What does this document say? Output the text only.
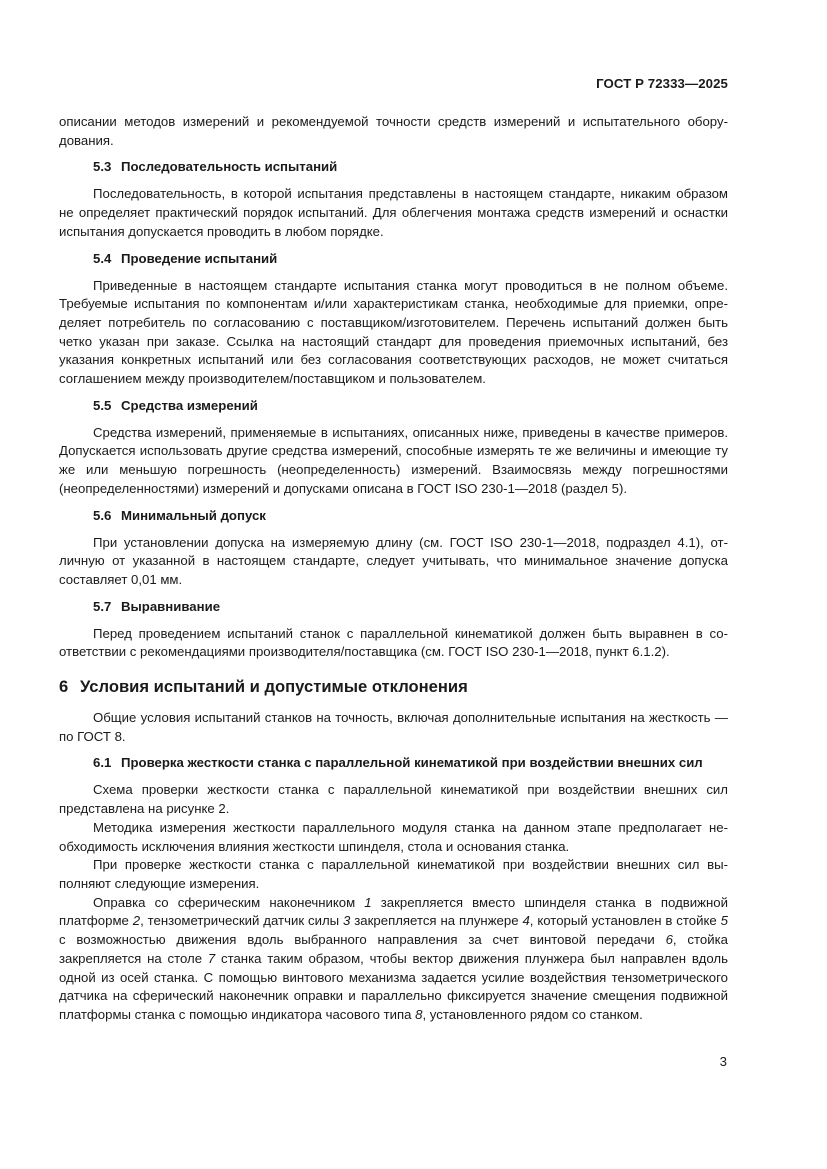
ГОСТ Р 72333—2025

описании методов измерений и рекомендуемой точности средств измерений и испытательного оборудования.

5.3 Последовательность испытаний

Последовательность, в которой испытания представлены в настоящем стандарте, никаким образом не определяет практический порядок испытаний. Для облегчения монтажа средств измерений и оснастки испытания допускается проводить в любом порядке.

5.4 Проведение испытаний

Приведенные в настоящем стандарте испытания станка могут проводиться в не полном объеме. Требуемые испытания по компонентам и/или характеристикам станка, необходимые для приемки, определяет потребитель по согласованию с поставщиком/изготовителем. Перечень испытаний должен быть четко указан при заказе. Ссылка на настоящий стандарт для проведения приемочных испытаний, без указания конкретных испытаний или без согласования соответствующих расходов, не может считаться соглашением между производителем/поставщиком и пользователем.

5.5 Средства измерений

Средства измерений, применяемые в испытаниях, описанных ниже, приведены в качестве примеров. Допускается использовать другие средства измерений, способные измерять те же величины и имеющие ту же или меньшую погрешность (неопределенность) измерений. Взаимосвязь между погрешностями (неопределенностями) измерений и допусками описана в ГОСТ ISO 230-1—2018 (раздел 5).

5.6 Минимальный допуск

При установлении допуска на измеряемую длину (см. ГОСТ ISO 230-1—2018, подраздел 4.1), отличную от указанной в настоящем стандарте, следует учитывать, что минимальное значение допуска составляет 0,01 мм.

5.7 Выравнивание

Перед проведением испытаний станок с параллельной кинематикой должен быть выравнен в соответствии с рекомендациями производителя/поставщика (см. ГОСТ ISO 230-1—2018, пункт 6.1.2).

6 Условия испытаний и допустимые отклонения

Общие условия испытаний станков на точность, включая дополнительные испытания на жесткость — по ГОСТ 8.

6.1 Проверка жесткости станка с параллельной кинематикой при воздействии внешних сил

Схема проверки жесткости станка с параллельной кинематикой при воздействии внешних сил представлена на рисунке 2.

Методика измерения жесткости параллельного модуля станка на данном этапе предполагает необходимость исключения влияния жесткости шпинделя, стола и основания станка.

При проверке жесткости станка с параллельной кинематикой при воздействии внешних сил выполняют следующие измерения.

Оправка со сферическим наконечником 1 закрепляется вместо шпинделя станка в подвижной платформе 2, тензометрический датчик силы 3 закрепляется на плунжере 4, который установлен в стойке 5 с возможностью движения вдоль выбранного направления за счет винтовой передачи 6, стойка закрепляется на столе 7 станка таким образом, чтобы вектор движения плунжера был направлен вдоль одной из осей станка. С помощью винтового механизма задается усилие воздействия тензометрического датчика на сферический наконечник оправки и параллельно фиксируется значение смещения подвижной платформы станка с помощью индикатора часового типа 8, установленного рядом со станком.

3
